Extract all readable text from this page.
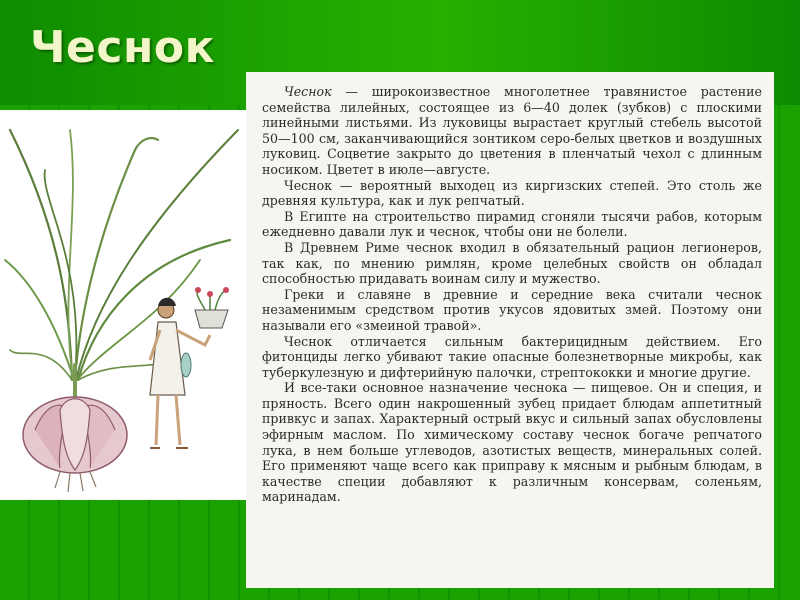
Чеснок

Чеснок — широкоизвестное многолетнее травянистое растение семейства лилейных, состоящее из 6—40 долек (зубков) с плоскими линейными листьями. Из луковицы вырастает круглый стебель высотой 50—100 см, заканчивающийся зонтиком серо-белых цветков и воздушных луковиц. Соцветие закрыто до цветения в пленчатый чехол с длинным носиком. Цветет в июле—августе.

Чеснок — вероятный выходец из киргизских степей. Это столь же древняя культура, как и лук репчатый.

В Египте на строительство пирамид сгоняли тысячи рабов, которым ежедневно давали лук и чеснок, чтобы они не болели.

В Древнем Риме чеснок входил в обязательный рацион легионеров, так как, по мнению римлян, кроме целебных свойств он обладал способностью придавать воинам силу и мужество.

Греки и славяне в древние и середние века считали чеснок незаменимым средством против укусов ядовитых змей. Поэтому они называли его «змеиной травой».

Чеснок отличается сильным бактерицидным действием. Его фитонциды легко убивают такие опасные болезнетворные микробы, как туберкулезную и дифтерийную палочки, стрептококки и многие другие.

И все-таки основное назначение чеснока — пищевое. Он и специя, и пряность. Всего один накрошенный зубец придает блюдам аппетитный привкус и запах. Характерный острый вкус и сильный запах обусловлены эфирным маслом. По химическому составу чеснок богаче репчатого лука, в нем больше углеводов, азотистых веществ, минеральных солей. Его применяют чаще всего как приправу к мясным и рыбным блюдам, в качестве специи добавляют к различным консервам, соленьям, маринадам.
